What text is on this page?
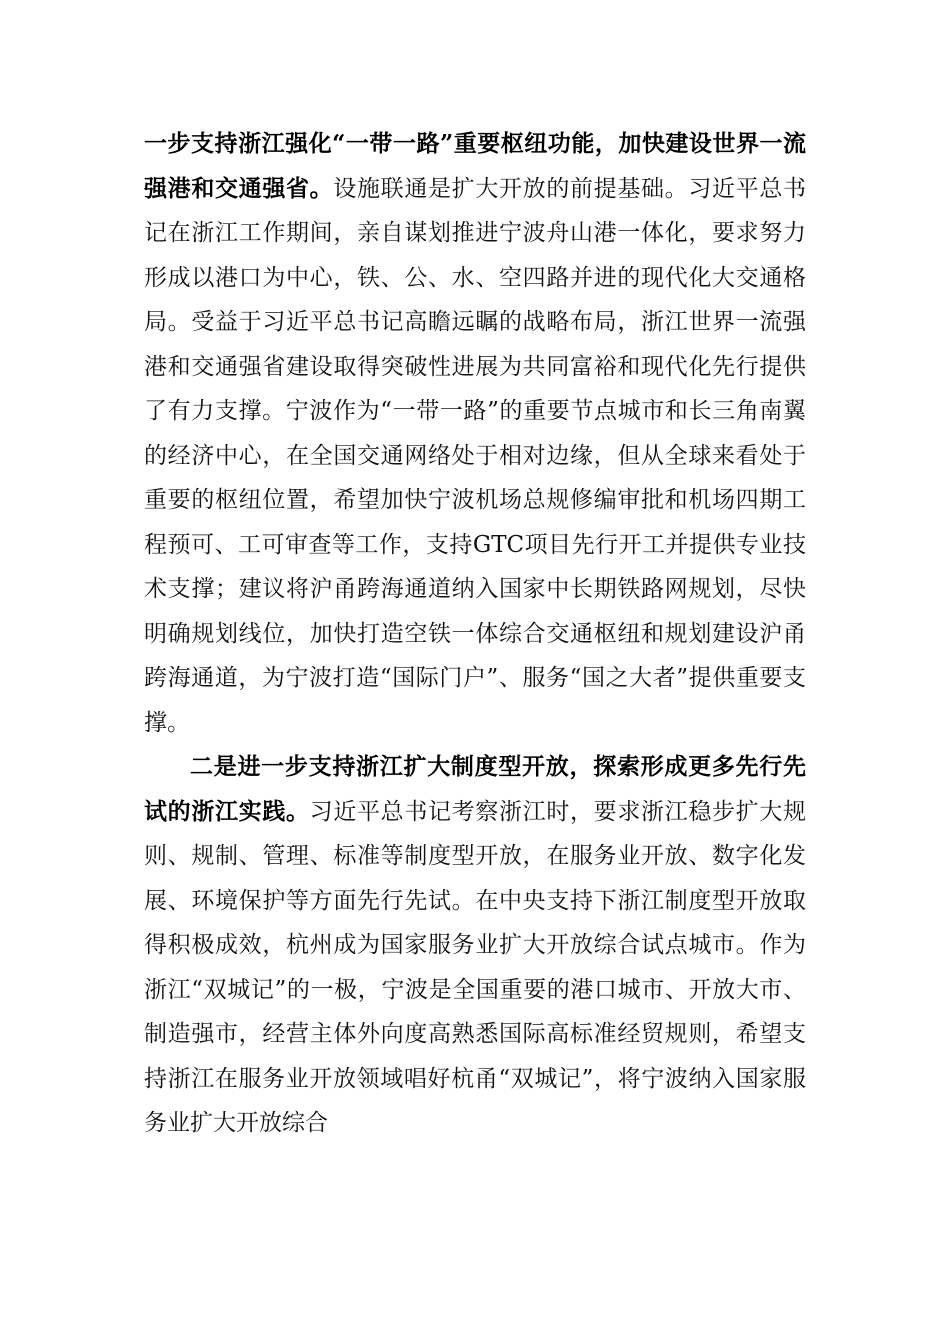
一步支持浙江强化“一带一路”重要枢纽功能，加快建设世界一流强港和交通强省。设施联通是扩大开放的前提基础。习近平总书记在浙江工作期间，亲自谋划推进宁波舟山港一体化，要求努力形成以港口为中心，铁、公、水、空四路并进的现代化大交通格局。受益于习近平总书记高瞻远瞩的战略布局，浙江世界一流强港和交通强省建设取得突破性进展为共同富裕和现代化先行提供了有力支撑。宁波作为“一带一路”的重要节点城市和长三角南翼的经济中心，在全国交通网络处于相对边缘，但从全球来看处于重要的枢纽位置，希望加快宁波机场总规修编审批和机场四期工程预可、工可审查等工作，支持GTC项目先行开工并提供专业技术支撑；建议将沪甬跨海通道纳入国家中长期铁路网规划，尽快明确规划线位，加快打造空铁一体综合交通枢纽和规划建设沪甬跨海通道，为宁波打造“国际门户”、服务“国之大者”提供重要支撑。

二是进一步支持浙江扩大制度型开放，探索形成更多先行先试的浙江实践。习近平总书记考察浙江时，要求浙江稳步扩大规则、规制、管理、标准等制度型开放，在服务业开放、数字化发展、环境保护等方面先行先试。在中央支持下浙江制度型开放取得积极成效，杭州成为国家服务业扩大开放综合试点城市。作为浙江“双城记”的一极，宁波是全国重要的港口城市、开放大市、制造强市，经营主体外向度高熟悉国际高标准经贸规则，希望支持浙江在服务业开放领域唱好杭甬“双城记”，将宁波纳入国家服务业扩大开放综合
